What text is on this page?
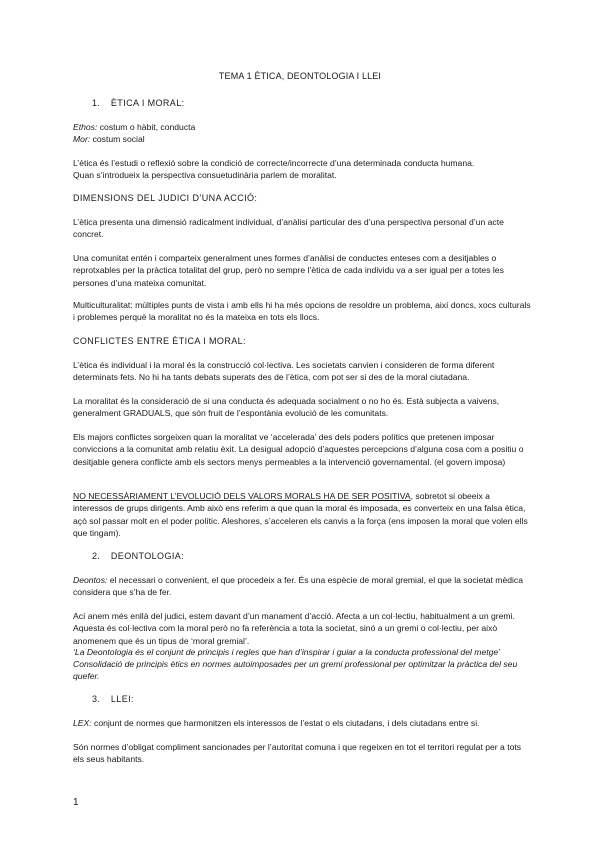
TEMA 1 ÈTICA, DEONTOLOGIA I LLEI
1. ÈTICA I MORAL:

Ethos: costum o hàbit, conducta

Mor: costum social

L’ètica és l’estudi o reflexió sobre la condició de correcte/incorrecte d’una determinada conducta humana.

Quan s’introdueix la perspectiva consuetudinària parlem de moralitat.

DIMENSIONS DEL JUDICI D’UNA ACCIÓ:

L’ètica presenta una dimensió radicalment individual, d’anàlisi particular des d’una perspectiva personal d’un acte concret.

Una comunitat entén i comparteix generalment unes formes d’anàlisi de conductes enteses com a desitjables o reprotxables per la pràctica totalitat del grup, però no sempre l’ètica de cada individu va a ser igual per a totes les persones d’una mateixa comunitat.

Multiculturalitat: múltiples punts de vista i amb ells hi ha més opcions de resoldre un problema, així doncs, xocs culturals i problemes perquè la moralitat no és la mateixa en tots els llocs.

CONFLICTES ENTRE ÈTICA I MORAL:

L’ètica és individual i la moral és la construcció col·lectiva. Les societats canvien i consideren de forma diferent determinats fets. No hi ha tants debats superats des de l’ètica, com pot ser si des de la moral ciutadana.

La moralitat és la consideració de si una conducta és adequada socialment o no ho és. Està subjecta a vaivens, generalment GRADUALS, que són fruit de l’espontània evolució de les comunitats.

Els majors conflictes sorgeixen quan la moralitat ve ‘accelerada’ des dels poders polítics que pretenen imposar conviccions a la comunitat amb relatiu èxit. La desigual adopció d’aquestes percepcions d’alguna cosa com a positiu o desitjable genera conflicte amb els sectors menys permeables a la intervenció governamental. (el govern imposa)

NO NECESSÀRIAMENT L’EVOLUCIÓ DELS VALORS MORALS HA DE SER POSITIVA, sobretot si obeeix a interessos de grups dirigents. Amb això ens referim a que quan la moral és imposada, es converteix en una falsa ètica, açò sol passar molt en el poder polític. Aleshores, s’acceleren els canvis a la força (ens imposen la moral que volen ells que tingam).

2. DEONTOLOGIA:

Deontos: el necessari o convenient, el que procedeix a fer. És una espècie de moral gremial, el que la societat mèdica considera que s’ha de fer.

Ací anem més enllà del judici, estem davant d’un manament d’acció. Afecta a un col·lectiu, habitualment a un gremi. Aquesta és col·lectiva com la moral però no fa referència a tota la societat, sinó a un gremi o col·lectiu, per això anomenem que és un tipus de ‘moral gremial’.

‘La Deontologia és el conjunt de principis i regles que han d’inspirar i guiar a la conducta professional del metge’

Consolidació de principis ètics en normes autoimposades per un gremi professional per optimitzar la pràctica del seu quefer.

3. LLEI:

LEX: conjunt de normes que harmonitzen els interessos de l’estat o els ciutadans, i dels ciutadans entre si.

Són normes d’obligat compliment sancionades per l’autoritat comuna i que regeixen en tot el territori regulat per a tots els seus habitants.

1
